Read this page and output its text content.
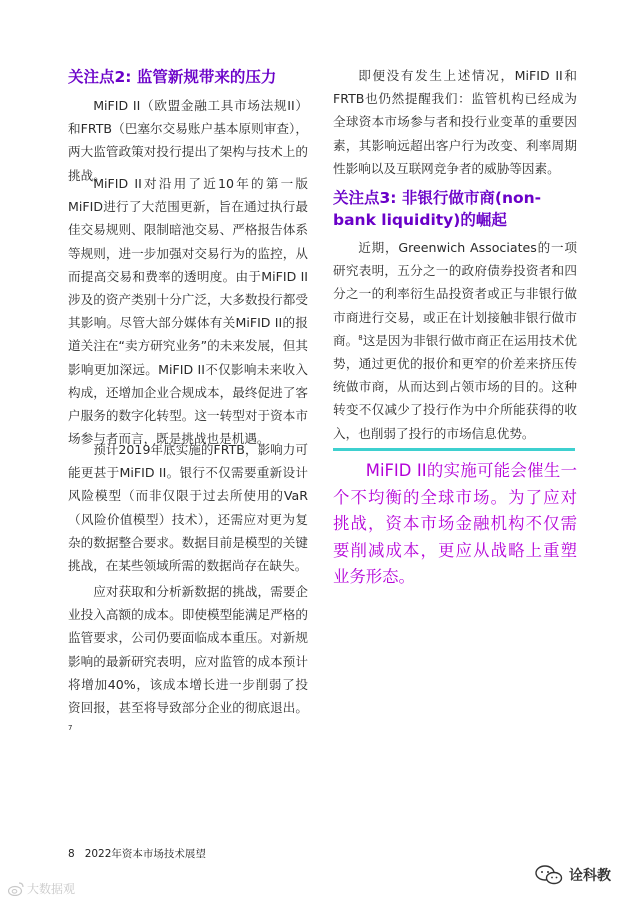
关注点2: 监管新规带来的压力

MiFID II（欧盟金融工具市场法规II）和FRTB（巴塞尔交易账户基本原则审查），两大监管政策对投行提出了架构与技术上的挑战。

MiFID II对沿用了近10年的第一版MiFID进行了大范围更新，旨在通过执行最佳交易规则、限制暗池交易、严格报告体系等规则，进一步加强对交易行为的监控，从而提高交易和费率的透明度。由于MiFID II涉及的资产类别十分广泛，大多数投行都受其影响。尽管大部分媒体有关MiFID II的报道关注在“卖方研究业务”的未来发展，但其影响更加深远。MiFID II不仅影响未来收入构成，还增加企业合规成本，最终促进了客户服务的数字化转型。这一转型对于资本市场参与者而言，既是挑战也是机遇。

预计2019年底实施的FRTB，影响力可能更甚于MiFID II。银行不仅需要重新设计风险模型（而非仅限于过去所使用的VaR（风险价值模型）技术），还需应对更为复杂的数据整合要求。数据目前是模型的关键挑战，在某些领域所需的数据尚存在缺失。

应对获取和分析新数据的挑战，需要企业投入高额的成本。即使模型能满足严格的监管要求，公司仍要面临成本重压。对新规影响的最新研究表明，应对监管的成本预计将增加40%，该成本增长进一步削弱了投资回报，甚至将导致部分企业的彻底退出。$^7$

即便没有发生上述情况，MiFID II和FRTB也仍然提醒我们：监管机构已经成为全球资本市场参与者和投行业变革的重要因素，其影响远超出客户行为改变、利率周期性影响以及互联网竞争者的威胁等因素。

关注点3: 非银行做市商(non-bank liquidity)的崛起

近期，Greenwich Associates的一项研究表明，五分之一的政府债券投资者和四分之一的利率衍生品投资者或正与非银行做市商进行交易，或正在计划接触非银行做市商。$^8$这是因为非银行做市商正在运用技术优势，通过更优的报价和更窄的价差来挤压传统做市商，从而达到占领市场的目的。这种转变不仅减少了投行作为中介所能获得的收入，也削弱了投行的市场信息优势。

MiFID II的实施可能会催生一个不均衡的全球市场。为了应对挑战，资本市场金融机构不仅需要削减成本，更应从战略上重塑业务形态。

8 2022年资本市场技术展望
大数据观
诠科教
